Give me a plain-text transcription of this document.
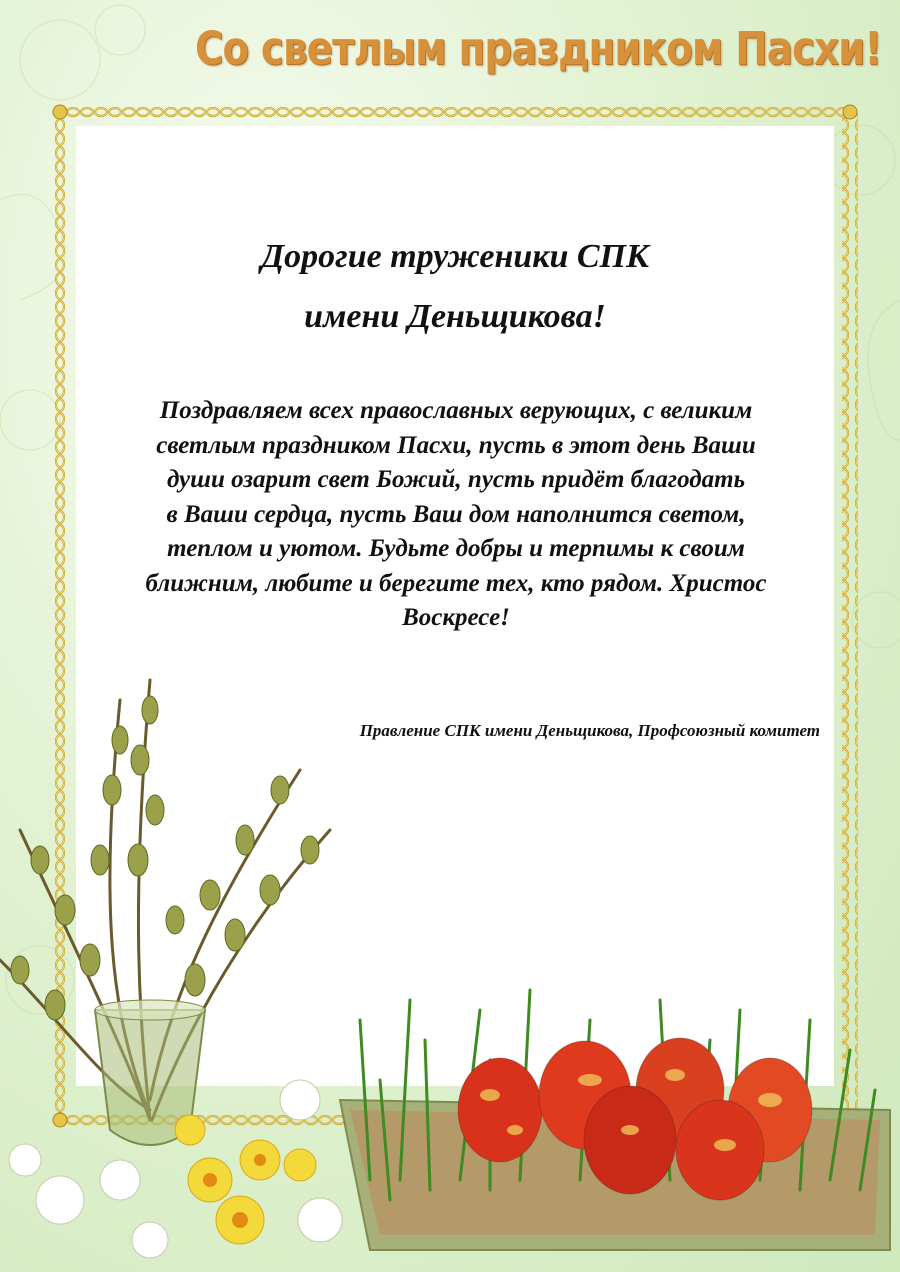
Со светлым праздником Пасхи!
Дорогие труженики СПК
имени Деньщикова!

Поздравляем всех православных верующих, с великим
светлым праздником Пасхи, пусть в этот день Ваши
души озарит свет Божий, пусть придёт благодать
в Ваши сердца, пусть Ваш дом наполнится светом,
теплом и уютом. Будьте добры и терпимы к своим
ближним, любите и берегите тех, кто рядом. Христос
Воскресе!

Правление СПК имени Деньщикова, Профсоюзный комитет
